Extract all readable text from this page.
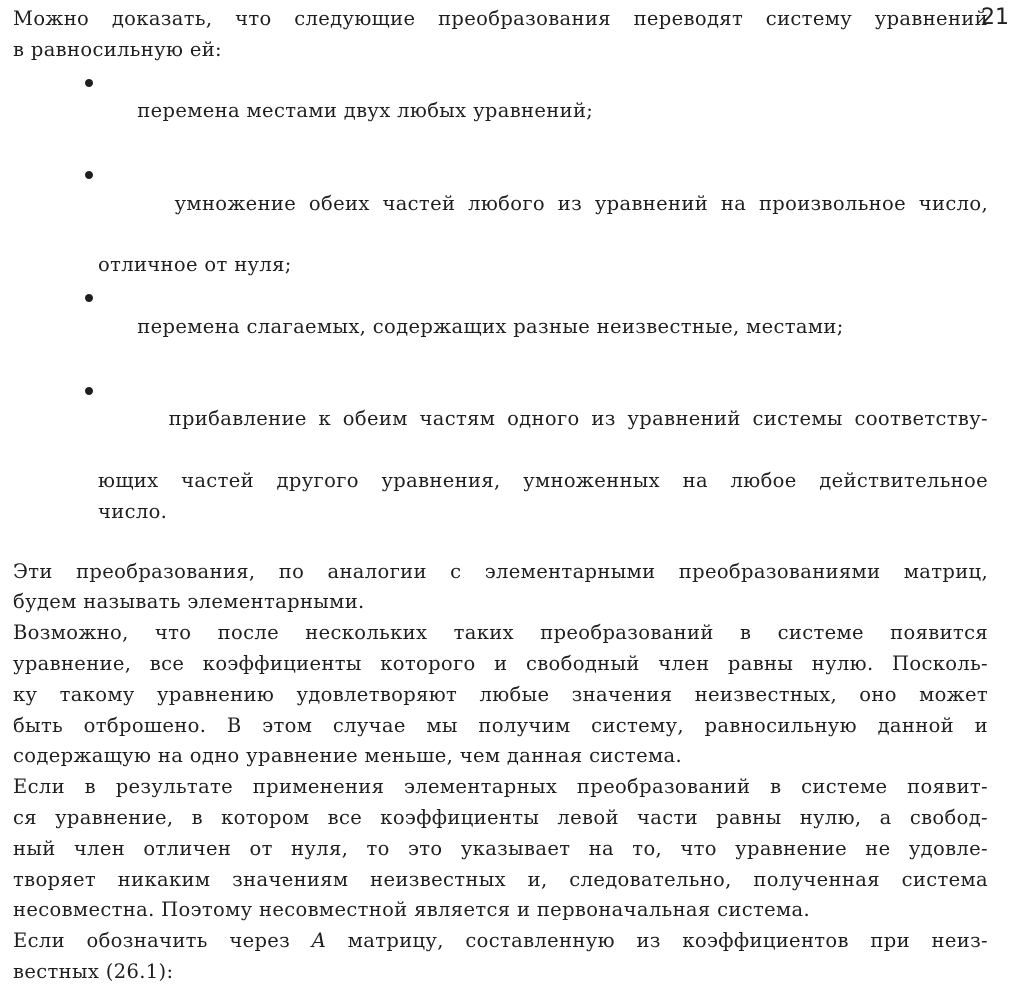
21
Можно доказать, что следующие преобразования переводят систему уравнений
в равносильную ей:

перемена местами двух любых уравнений;

умножение обеих частей любого из уравнений на произвольное число,

отличное от нуля;

перемена слагаемых, содержащих разные неизвестные, местами;

прибавление к обеим частям одного из уравнений системы соответству-

ющих частей другого уравнения, умноженных на любое действительное
число.
Эти преобразования, по аналогии с элементарными преобразованиями матриц,
будем называть элементарными.
Возможно, что после нескольких таких преобразований в системе появится
уравнение, все коэффициенты которого и свободный член равны нулю. Посколь-
ку такому уравнению удовлетворяют любые значения неизвестных, оно может
быть отброшено. В этом случае мы получим систему, равносильную данной и
содержащую на одно уравнение меньше, чем данная система.
Если в результате применения элементарных преобразований в системе появит-
ся уравнение, в котором все коэффициенты левой части равны нулю, а свобод-
ный член отличен от нуля, то это указывает на то, что уравнение не удовле-
творяет никаким значениям неизвестных и, следовательно, полученная система
несовместна. Поэтому несовместной является и первоначальная система.
Если обозначить через A матрицу, составленную из коэффициентов при неиз-
вестных (26.1):
